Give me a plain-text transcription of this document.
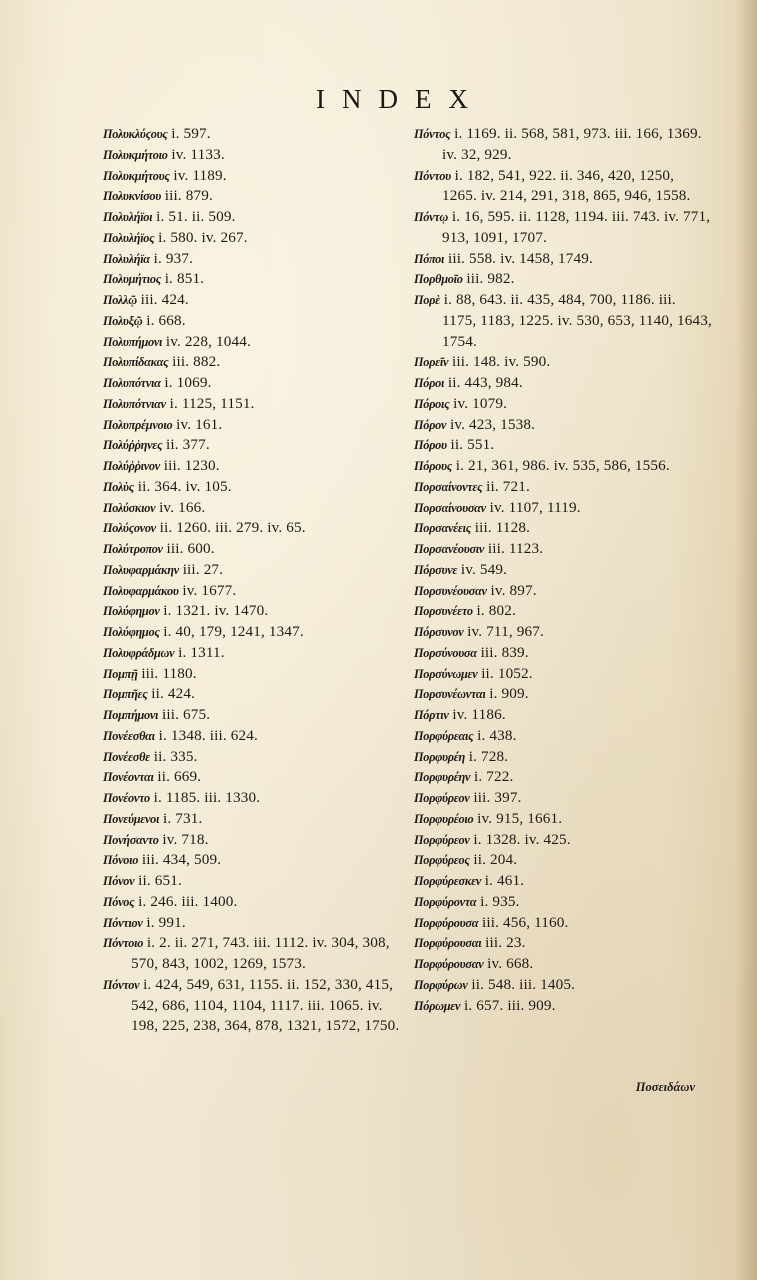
INDEX
Πολυκλύϛους i. 597.
Πολυκμήτοιο iv. 1133.
Πολυκμήτους iv. 1189.
Πολυκνίσου iii. 879.
Πολυλήϊοι i. 51. ii. 509.
Πολυλήϊος i. 580. iv. 267.
Πολυλήϊα i. 937.
Πολυμήτιος i. 851.
Πολλῷ iii. 424.
Πολυξῷ i. 668.
Πολυπήμονι iv. 228, 1044.
Πολυπίδακας iii. 882.
Πολυπότνια i. 1069.
Πολυπότνιαν i. 1125, 1151.
Πολυπρέμνοιο iv. 161.
Πολύῤῥηνες ii. 377.
Πολύῤῥινον iii. 1230.
Πολὺς ii. 364. iv. 105.
Πολύσκιον iv. 166.
Πολύϛονον ii. 1260. iii. 279. iv. 65.
Πολύτροπον iii. 600.
Πολυφαρμάκην iii. 27.
Πολυφαρμάκου iv. 1677.
Πολύφημον i. 1321. iv. 1470.
Πολύφημος i. 40, 179, 1241, 1347.
Πολυφράδμων i. 1311.
Πομπῇ iii. 1180.
Πομπῆες ii. 424.
Πομπήμονι iii. 675.
Πονέεσθαι i. 1348. iii. 624.
Πονέεσθε ii. 335.
Πονέονται ii. 669.
Πονέοντο i. 1185. iii. 1330.
Πονεύμενοι i. 731.
Πονήσαντο iv. 718.
Πόνοιο iii. 434, 509.
Πόνον ii. 651.
Πόνος i. 246. iii. 1400.
Πόντιον i. 991.
Πόντοιο i. 2. ii. 271, 743. iii. 1112. iv. 304, 308, 570, 843, 1002, 1269, 1573.
Πόντον i. 424, 549, 631, 1155. ii. 152, 330, 415, 542, 686, 1104, 1104, 1117. iii. 1065. iv. 198, 225, 238, 364, 878, 1321, 1572, 1750.
Πόντος i. 1169. ii. 568, 581, 973. iii. 166, 1369. iv. 32, 929.
Πόντου i. 182, 541, 922. ii. 346, 420, 1250, 1265. iv. 214, 291, 318, 865, 946, 1558.
Πόντῳ i. 16, 595. ii. 1128, 1194. iii. 743. iv. 771, 913, 1091, 1707.
Πόποι iii. 558. iv. 1458, 1749.
Πορθμοῖο iii. 982.
Πορὲ i. 88, 643. ii. 435, 484, 700, 1186. iii. 1175, 1183, 1225. iv. 530, 653, 1140, 1643, 1754.
Πορεῖν iii. 148. iv. 590.
Πόροι ii. 443, 984.
Πόροις iv. 1079.
Πόρον iv. 423, 1538.
Πόρου ii. 551.
Πόρους i. 21, 361, 986. iv. 535, 586, 1556.
Πορσαίνοντες ii. 721.
Πορσαίνουσαν iv. 1107, 1119.
Πορσανέεις iii. 1128.
Πορσανέουσιν iii. 1123.
Πόρσυνε iv. 549.
Πορσυνέουσαν iv. 897.
Πορσυνέετο i. 802.
Πόρσυνον iv. 711, 967.
Πορσύνουσα iii. 839.
Πορσύνωμεν ii. 1052.
Πορσυνέωνται i. 909.
Πόρτιν iv. 1186.
Πορφύρεαις i. 438.
Πορφυρέη i. 728.
Πορφυρέην i. 722.
Πορφύρεον iii. 397.
Πορφυρέοιο iv. 915, 1661.
Πορφύρεον i. 1328. iv. 425.
Πορφύρεος ii. 204.
Πορφύρεσκεν i. 461.
Πορφύροντα i. 935.
Πορφύρουσα iii. 456, 1160.
Πορφύρουσαι iii. 23.
Πορφύρουσαν iv. 668.
Πορφύρων ii. 548. iii. 1405.
Πόρωμεν i. 657. iii. 909.
Ποσειδάων
